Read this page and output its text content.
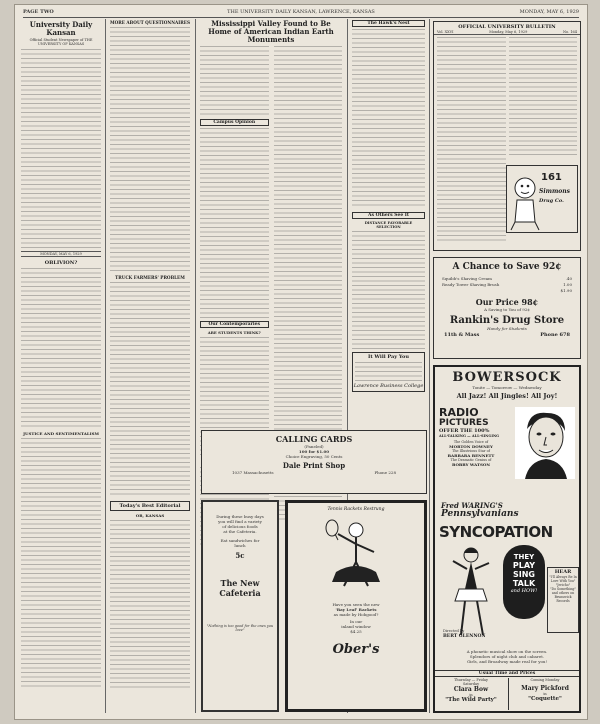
PAGE TWO	THE UNIVERSITY DAILY KANSAN, LAWRENCE, KANSAS	MONDAY, MAY 6, 1929
University Daily Kansan
Official Student Newspaper of THE UNIVERSITY OF KANSAS
MONDAY, MAY 6, 1929
OBLIVION?
JUSTICE AND SENTIMENTALISM
MORE ABOUT QUESTIONNAIRES
TRUCK FARMERS' PROBLEM
Today's Best Editorial
OR, KANSAS
Mississippi Valley Found to Be Home of American Indian Earth Monuments
Campus Opinion
Our Contemporaries
ARE STUDENTS THINK?
The Hawk's Nest
As Others See It
DISTANCE FAVORABLE SELECTION
It Will Pay You
Lawrence Business College
OFFICIAL UNIVERSITY BULLETIN
Vol. XXVI	Monday, May 6, 1929	No. 164
161
Simmons
Drug Co.
A Chance to Save 92¢
Squibb's Shaving Cream	.40
Ready Tower Shaving Brush	1.00
$1.90
Our Price 98¢
A Saving to You of 92¢
Rankin's Drug Store
Handy for Students
11th & Mass	Phone 678
CALLING CARDS
(Paneled)
100 for $1.00
Choice Engraving, 50 Cents
Dale Print Shop
1037 Massachusetts	Phone 228
During these busy days
you will find a variety
of delicious foods
at the Cafeteria.
Eat sandwiches for
lunch
5c
The New Cafeteria
"Nothing is too good for the ones you love"
Tennis Rackets Restrung
Have you seen the new
'Bay Leaf' Rackets
as made by Hobgood?
In our
inland window
$4.25
Ober's
BOWERSOCK
Tonite — Tomorrow — Wednesday
All Jazz! All Jingles! All Joy!
RADIO
PICTURES
OFFER THE 100%
ALL-TALKING — ALL-SINGING
The Golden Voice of
MORTON DOWNEY
The Illustrious Star of
BARBARA BENNETT
The Dramatic Genius of
BOBBY WATSON
Fred WARING'S
Pennsylvanians
SYNCOPATION
THEY
PLAY
SING
TALK
and HOW!
Directed by
BERT GLENNON
HEAR
"I'll Always Be In Love With You"
"Jericho"
"Do Something"
and others on Brunswick Records
A phonetic musical show on the screen.
Splendors of night club and cabaret.
Girls, and Broadway made real for you!
Usual Time and Prices
Thursday — Friday
Saturday
Clara Bow
in
"The Wild Party"
Coming Monday
Mary Pickford
in
"Coquette"
